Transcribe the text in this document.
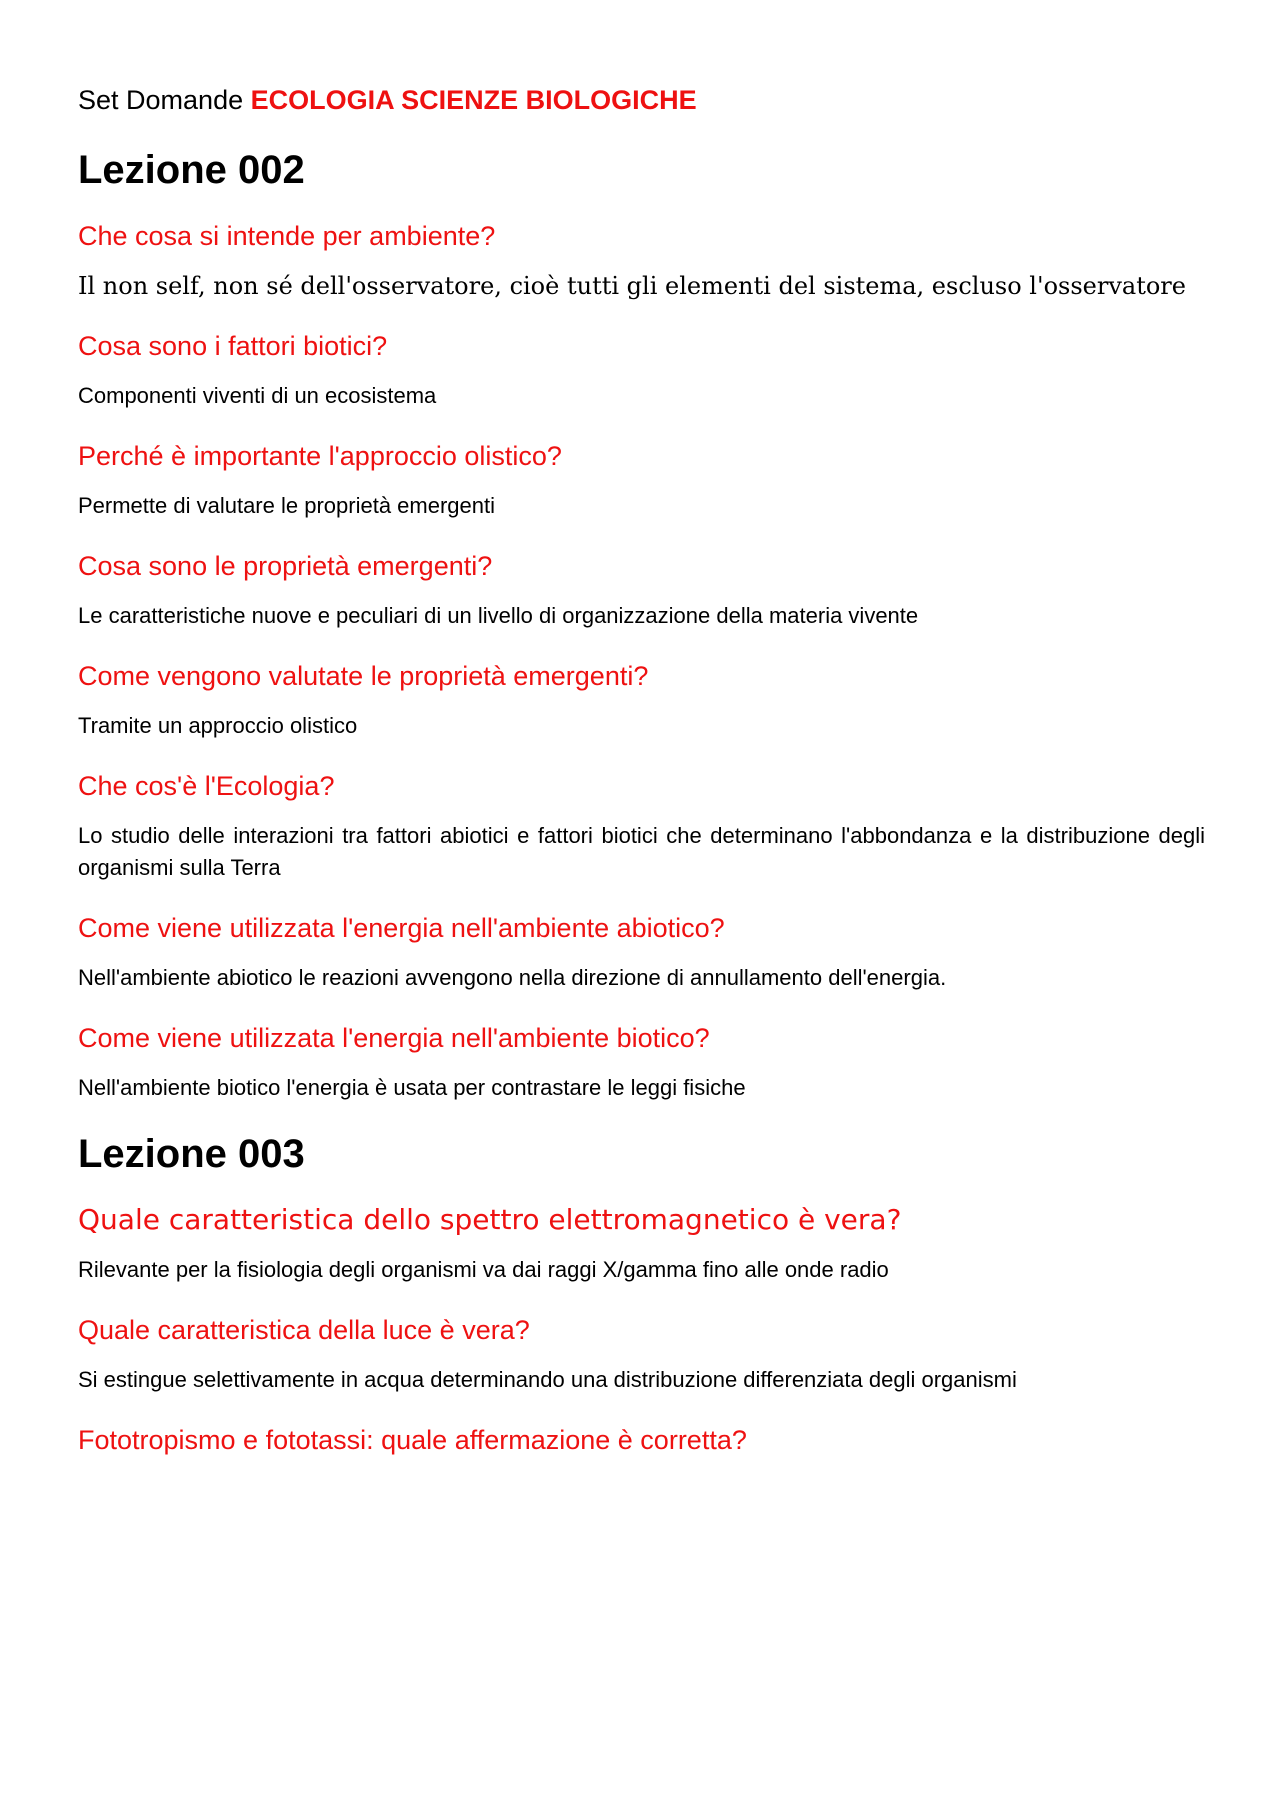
Set Domande ECOLOGIA SCIENZE BIOLOGICHE
Lezione 002
Che cosa si intende per ambiente?
Il non self, non sé dell'osservatore, cioè tutti gli elementi del sistema, escluso l'osservatore
Cosa sono i fattori biotici?
Componenti viventi di un ecosistema
Perché è importante l'approccio olistico?
Permette di valutare le proprietà emergenti
Cosa sono le proprietà emergenti?
Le caratteristiche nuove e peculiari di un livello di organizzazione della materia vivente
Come vengono valutate le proprietà emergenti?
Tramite un approccio olistico
Che cos'è l'Ecologia?
Lo studio delle interazioni tra fattori abiotici e fattori biotici che determinano l'abbondanza e la distribuzione degli organismi sulla Terra
Come viene utilizzata l'energia nell'ambiente abiotico?
Nell'ambiente abiotico le reazioni avvengono nella direzione di annullamento dell'energia.
Come viene utilizzata l'energia nell'ambiente biotico?
Nell'ambiente biotico l'energia è usata per contrastare le leggi fisiche
Lezione 003
Quale caratteristica dello spettro elettromagnetico è vera?
Rilevante per la fisiologia degli organismi va dai raggi X/gamma fino alle onde radio
Quale caratteristica della luce è vera?
Si estingue selettivamente in acqua determinando una distribuzione differenziata degli organismi
Fototropismo e fototassi: quale affermazione è corretta?
